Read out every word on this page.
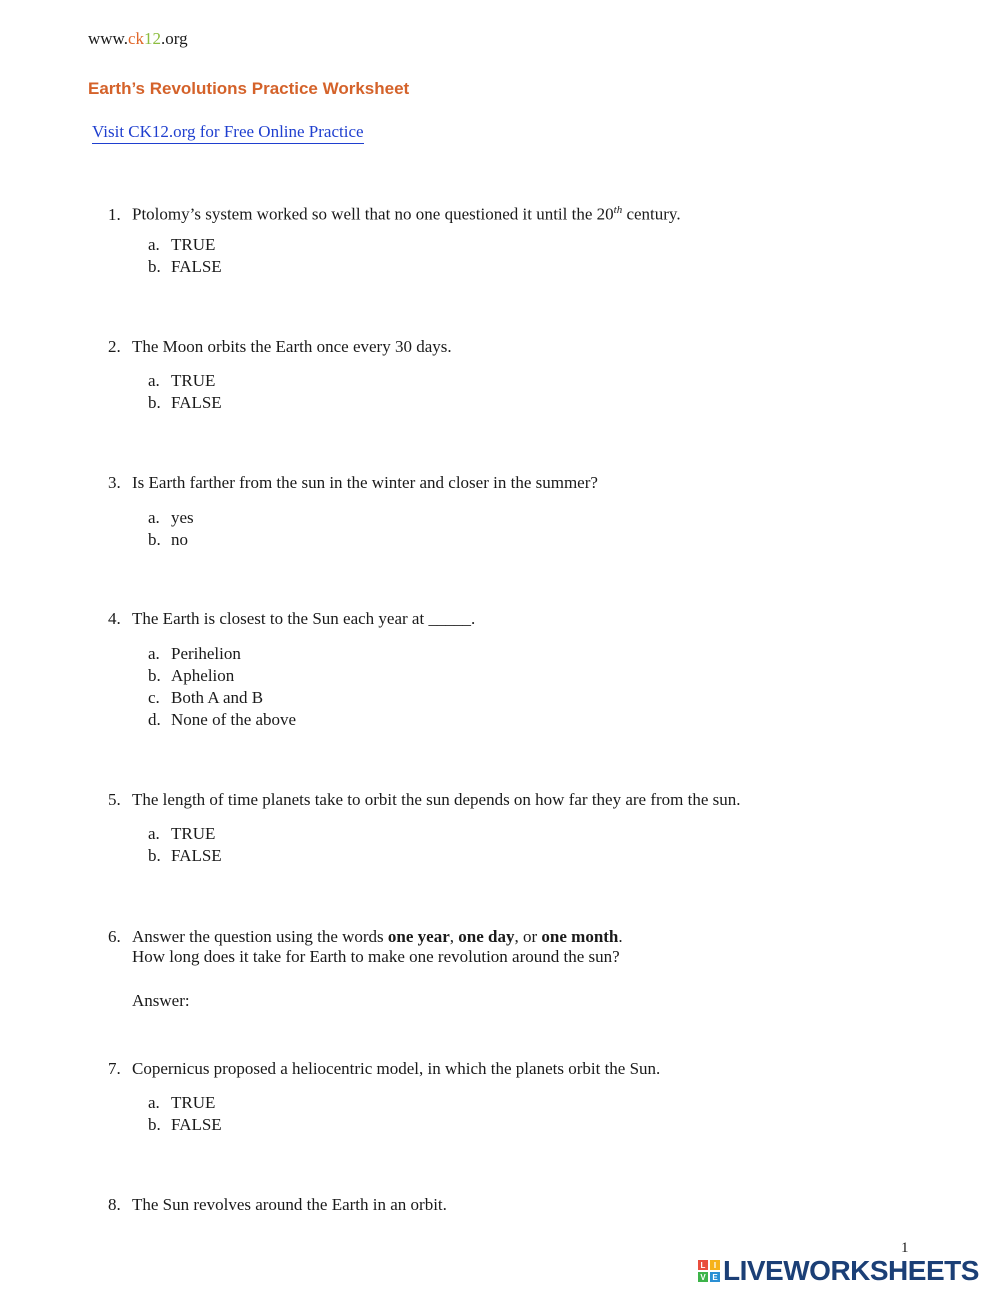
www.ck12.org
Earth’s Revolutions Practice Worksheet
Visit CK12.org for Free Online Practice
1. Ptolomy’s system worked so well that no one questioned it until the 20th century.
a. TRUE
b. FALSE
2. The Moon orbits the Earth once every 30 days.
a. TRUE
b. FALSE
3. Is Earth farther from the sun in the winter and closer in the summer?
a. yes
b. no
4. The Earth is closest to the Sun each year at _____.
a. Perihelion
b. Aphelion
c. Both A and B
d. None of the above
5. The length of time planets take to orbit the sun depends on how far they are from the sun.
a. TRUE
b. FALSE
6. Answer the question using the words one year, one day, or one month.
How long does it take for Earth to make one revolution around the sun?
Answer:
7. Copernicus proposed a heliocentric model, in which the planets orbit the Sun.
a. TRUE
b. FALSE
8. The Sun revolves around the Earth in an orbit.
1
L	I
V E LIVEWORKSHEETS
